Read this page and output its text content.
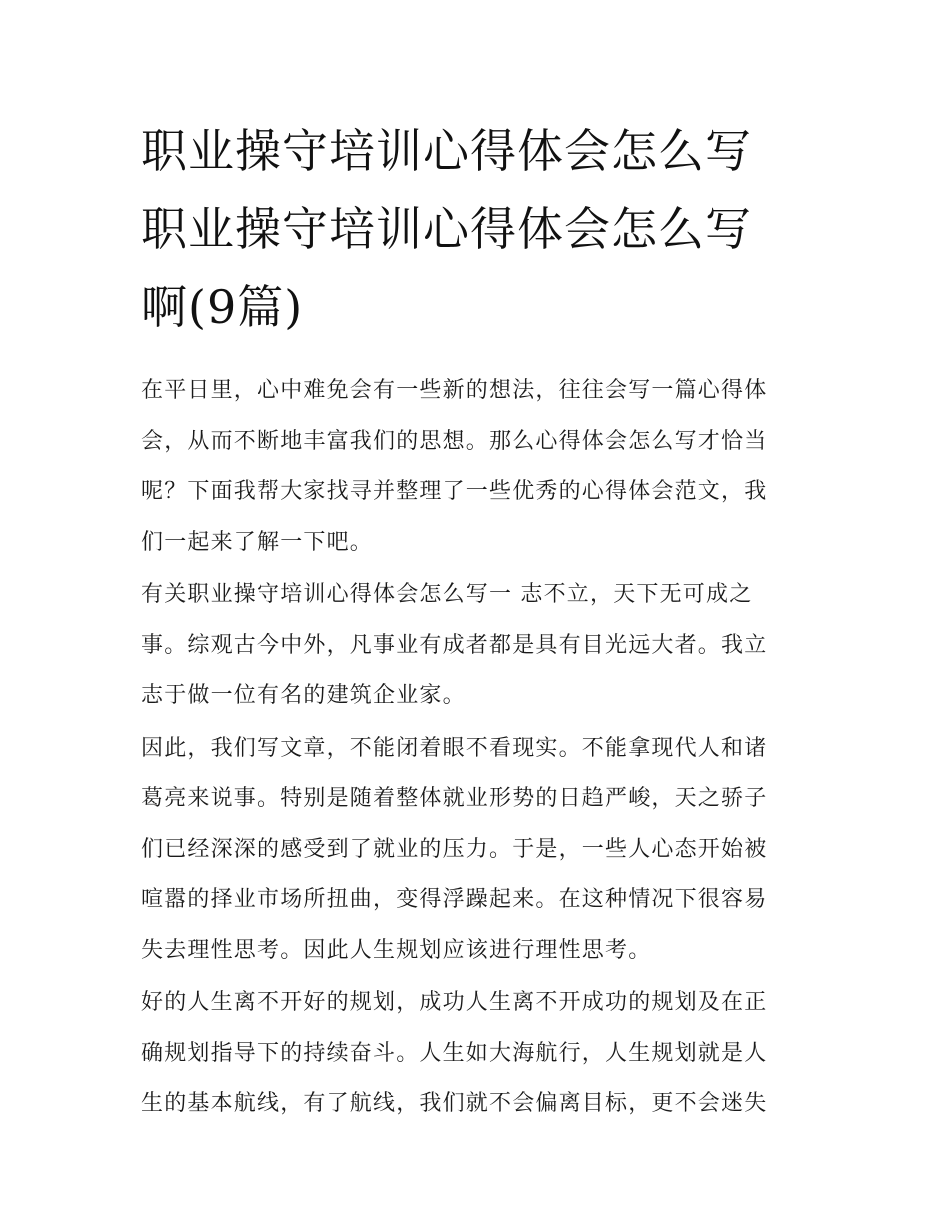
职业操守培训心得体会怎么写
职业操守培训心得体会怎么写
啊(9篇)

在平日里，心中难免会有一些新的想法，往往会写一篇心得体
会，从而不断地丰富我们的思想。那么心得体会怎么写才恰当
呢？下面我帮大家找寻并整理了一些优秀的心得体会范文，我
们一起来了解一下吧。

有关职业操守培训心得体会怎么写一 志不立，天下无可成之
事。综观古今中外，凡事业有成者都是具有目光远大者。我立
志于做一位有名的建筑企业家。

因此，我们写文章，不能闭着眼不看现实。不能拿现代人和诸
葛亮来说事。特别是随着整体就业形势的日趋严峻，天之骄子
们已经深深的感受到了就业的压力。于是，一些人心态开始被
喧嚣的择业市场所扭曲，变得浮躁起来。在这种情况下很容易
失去理性思考。因此人生规划应该进行理性思考。

好的人生离不开好的规划，成功人生离不开成功的规划及在正
确规划指导下的持续奋斗。人生如大海航行，人生规划就是人
生的基本航线，有了航线，我们就不会偏离目标，更不会迷失
